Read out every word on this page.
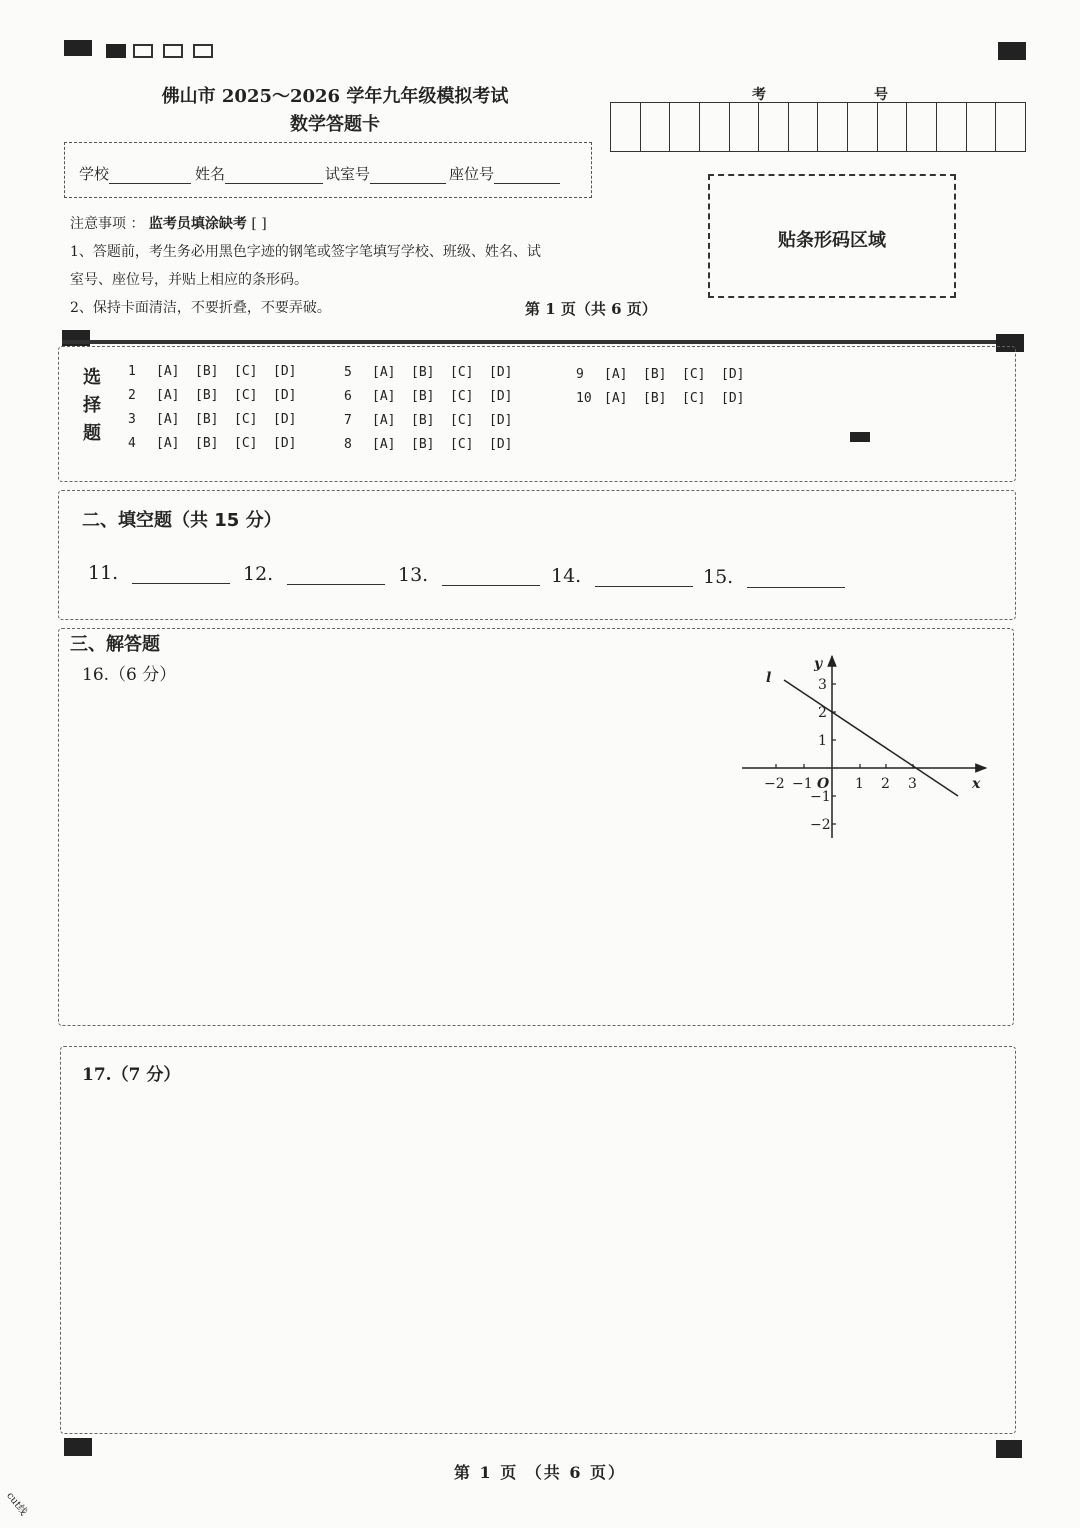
佛山市 2025～2026 学年九年级模拟考试
数学答题卡
考	号
学校	姓名	试室号	座位号
注意事项 ： 监考员填涂缺考 [ ]
1、答题前，考生务必用黑色字迹的钢笔或签字笔填写学校、班级、姓名、试
室号、座位号，并贴上相应的条形码。
2、保持卡面清洁，不要折叠，不要弄破。	第 1 页（共 6 页）
贴条形码区域
选
择
题
1 [A] [B] [C] [D]
2 [A] [B] [C] [D]
3 [A] [B] [C] [D]
4 [A] [B] [C] [D]
5 [A] [B] [C] [D]
6 [A] [B] [C] [D]
7 [A] [B] [C] [D]
8 [A] [B] [C] [D]
9 [A] [B] [C] [D]
10 [A] [B] [C] [D]
二、填空题（共 15 分）
11.	12.	13.	14.	15.
三、解答题
16.（6 分）	l
y
x
O
−2 −1	1 2 3
3
2
1
−1
−2
17.（7 分）
第 1 页 （共 6 页）
cut线
